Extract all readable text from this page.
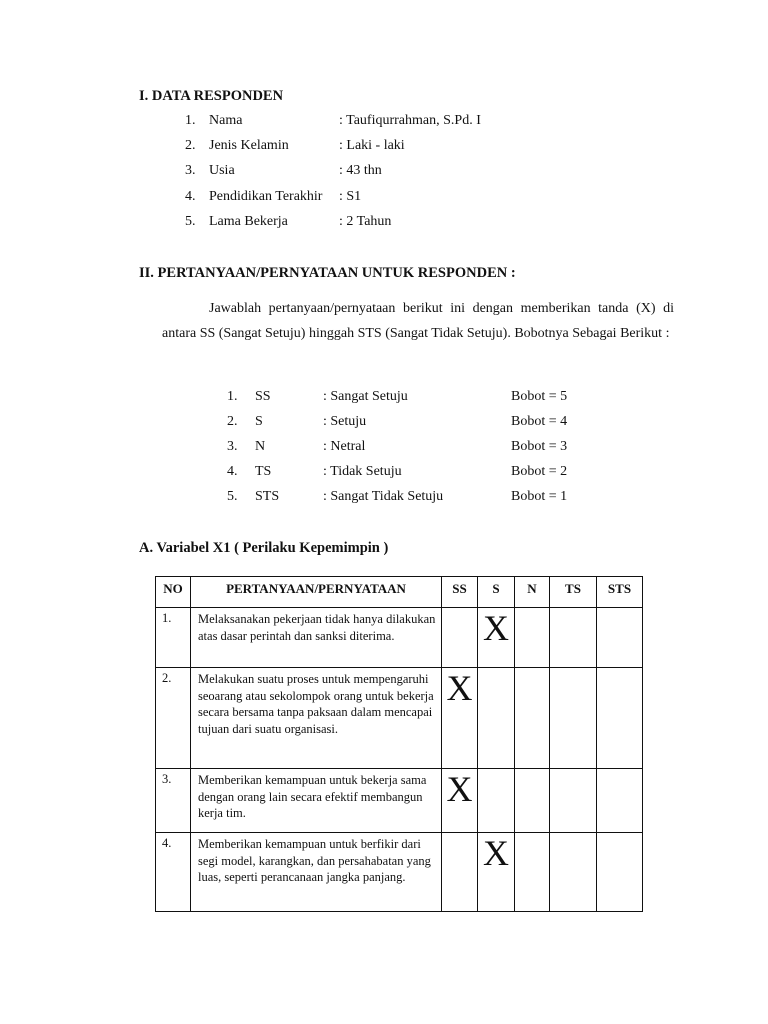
I. DATA RESPONDEN
1. Nama	: Taufiqurrahman, S.Pd. I
2. Jenis Kelamin	: Laki - laki
3. Usia	: 43 thn
4. Pendidikan Terakhir : S1
5. Lama Bekerja	: 2 Tahun
II. PERTANYAAN/PERNYATAAN UNTUK RESPONDEN :
Jawablah pertanyaan/pernyataan berikut ini dengan memberikan tanda (X) di antara SS (Sangat Setuju) hinggah STS (Sangat Tidak Setuju). Bobotnya Sebagai Berikut :
1. SS	: Sangat Setuju	Bobot = 5
2. S	: Setuju	Bobot = 4
3. N	: Netral	Bobot = 3
4. TS	: Tidak Setuju	Bobot = 2
5. STS	: Sangat Tidak Setuju	Bobot = 1
A. Variabel X1 ( Perilaku Kepemimpin )
NO	PERTANYAAN/PERNYATAAN	SS	S	N	TS	STS
1.	Melaksanakan pekerjaan tidak hanya dilakukan atas dasar perintah dan sanksi diterima.		X			
2.	Melakukan suatu proses untuk mempengaruhi seoarang atau sekolompok orang untuk bekerja secara bersama tanpa paksaan dalam mencapai tujuan dari suatu organisasi.	X				
3.	Memberikan kemampuan untuk bekerja sama dengan orang lain secara efektif membangun kerja tim.	X				
4.	Memberikan kemampuan untuk berfikir dari segi model, karangkan, dan persahabatan yang luas, seperti perancanaan jangka panjang.		X			
